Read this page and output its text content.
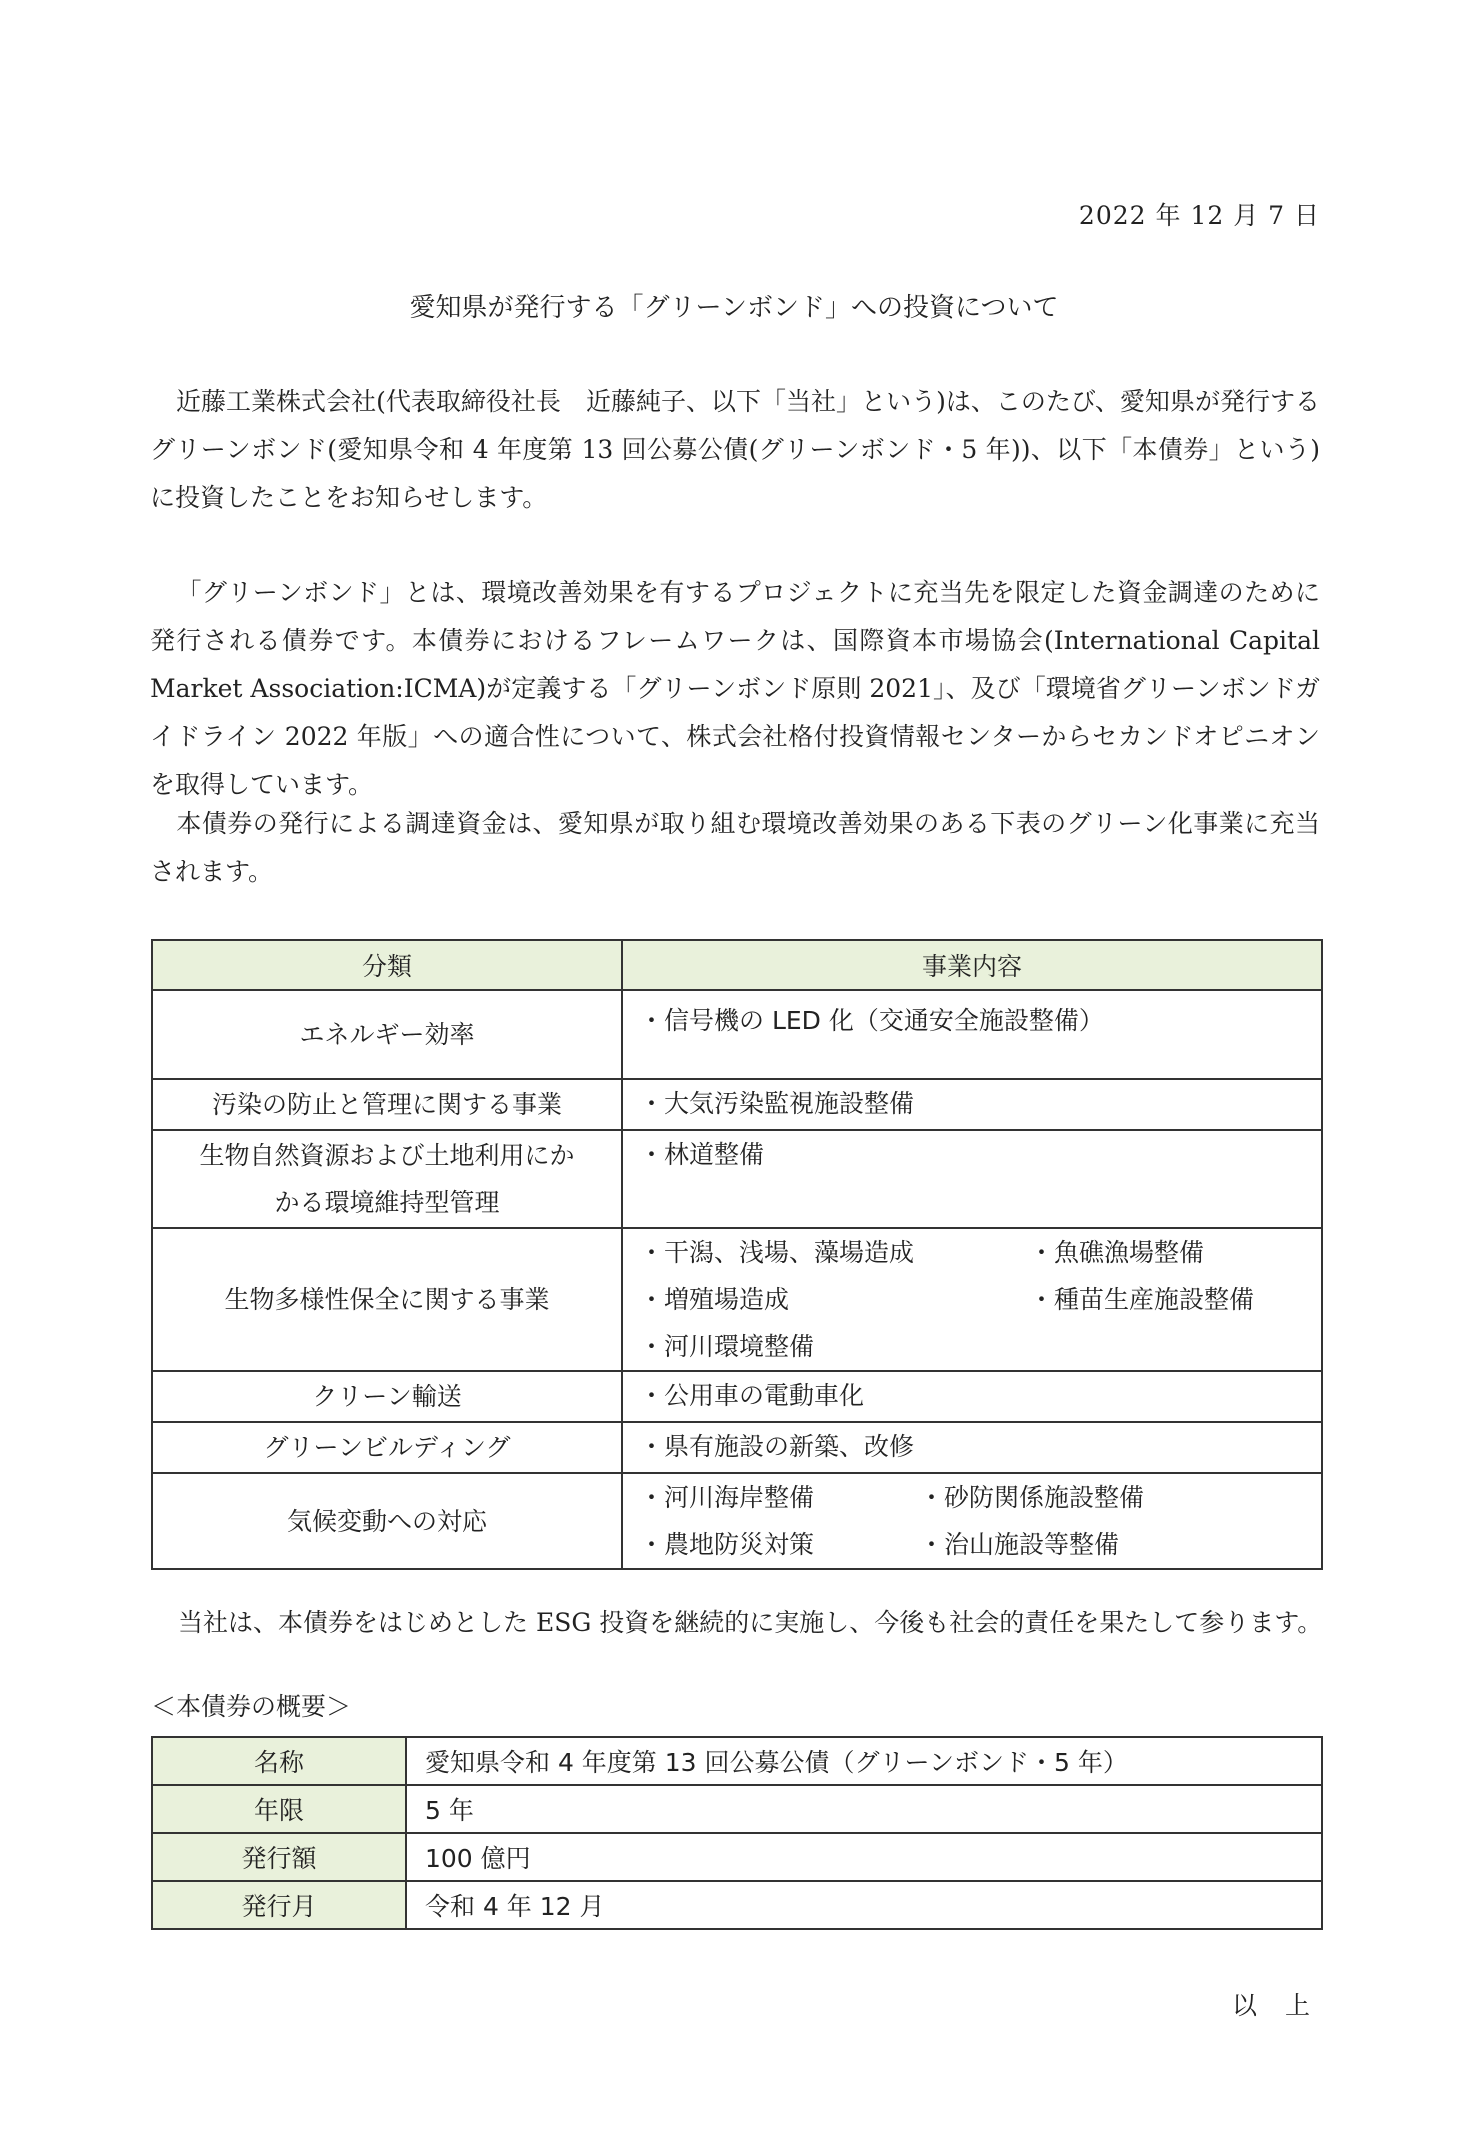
2022 年 12 月 7 日
愛知県が発行する「グリーンボンド」への投資について
近藤工業株式会社(代表取締役社長　近藤純子、以下「当社」という)は、このたび、愛知県が発行するグリーンボンド(愛知県令和 4 年度第 13 回公募公債(グリーンボンド・5 年))、以下「本債券」という)に投資したことをお知らせします。
「グリーンボンド」とは、環境改善効果を有するプロジェクトに充当先を限定した資金調達のために発行される債券です。本債券におけるフレームワークは、国際資本市場協会(International Capital Market Association:ICMA)が定義する「グリーンボンド原則 2021」、及び「環境省グリーンボンドガイドライン 2022 年版」への適合性について、株式会社格付投資情報センターからセカンドオピニオンを取得しています。
本債券の発行による調達資金は、愛知県が取り組む環境改善効果のある下表のグリーン化事業に充当されます。
分類	事業内容
エネルギー効率	・信号機の LED 化（交通安全施設整備）

汚染の防止と管理に関する事業	・大気汚染監視施設整備

生物自然資源および土地利用にか
かる環境維持型管理	・林道整備

生物多様性保全に関する事業	・干潟、浅場、藻場造成 ・魚礁漁場整備
・増殖場造成 ・種苗生産施設整備
・河川環境整備

クリーン輸送	・公用車の電動車化

グリーンビルディング	・県有施設の新築、改修

気候変動への対応	・河川海岸整備 ・砂防関係施設整備
・農地防災対策 ・治山施設等整備
当社は、本債券をはじめとした ESG 投資を継続的に実施し、今後も社会的責任を果たして参ります。
＜本債券の概要＞
名称	愛知県令和 4 年度第 13 回公募公債（グリーンボンド・5 年）
年限	5 年
発行額	100 億円
発行月	令和 4 年 12 月
以 上
